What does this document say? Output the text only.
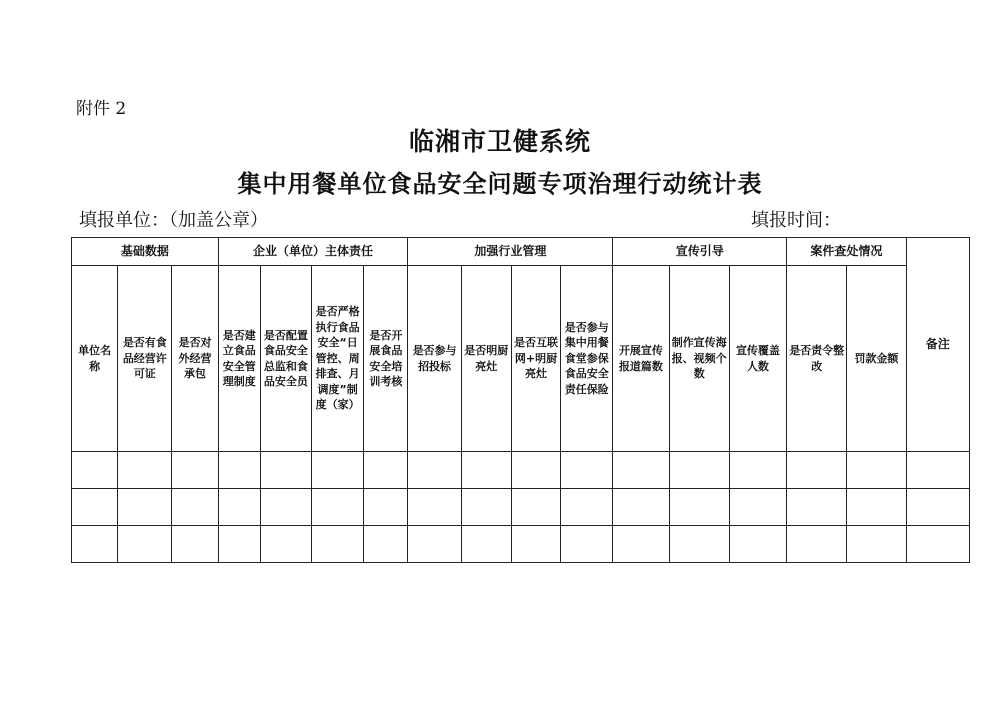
附件 2
临湘市卫健系统
集中用餐单位食品安全问题专项治理行动统计表
填报单位：（加盖公章）	填报时间：
基础数据			企业（单位）主体责任				加强行业管理				宣传引导			案件查处情况		备注
单位名称	是否有食品经营许可证	是否对外经营承包	是否建立食品安全管理制度	是否配置食品安全总监和食品安全员	是否严格执行食品安全“日管控、周排查、月调度”制度（家）	是否开展食品安全培训考核	是否参与招投标	是否明厨亮灶	是否互联网+明厨亮灶	是否参与集中用餐食堂参保食品安全责任保险	开展宣传报道篇数	制作宣传海报、视频个数	宣传覆盖人数	是否责令整改	罚款金额	
